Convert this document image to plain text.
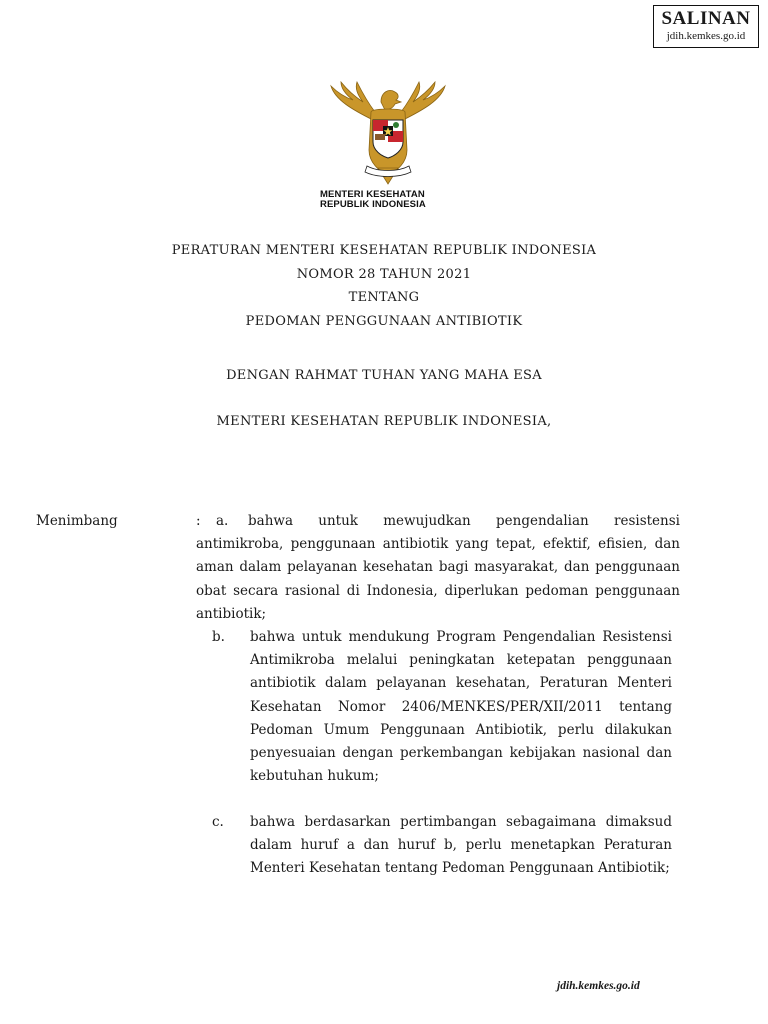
SALINAN
jdih.kemkes.go.id
MENTERI KESEHATAN
REPUBLIK INDONESIA
PERATURAN MENTERI KESEHATAN REPUBLIK INDONESIA
NOMOR 28 TAHUN 2021
TENTANG
PEDOMAN PENGGUNAAN ANTIBIOTIK
DENGAN RAHMAT TUHAN YANG MAHA ESA
MENTERI KESEHATAN REPUBLIK INDONESIA,
Menimbang	: a.	bahwa untuk mewujudkan pengendalian resistensi antimikroba, penggunaan antibiotik yang tepat, efektif, efisien, dan aman dalam pelayanan kesehatan bagi masyarakat, dan penggunaan obat secara rasional di Indonesia, diperlukan pedoman penggunaan antibiotik;
b. bahwa untuk mendukung Program Pengendalian Resistensi Antimikroba melalui peningkatan ketepatan penggunaan antibiotik dalam pelayanan kesehatan, Peraturan Menteri Kesehatan Nomor 2406/MENKES/PER/XII/2011 tentang Pedoman Umum Penggunaan Antibiotik, perlu dilakukan penyesuaian dengan perkembangan kebijakan nasional dan kebutuhan hukum;
c. bahwa berdasarkan pertimbangan sebagaimana dimaksud dalam huruf a dan huruf b, perlu menetapkan Peraturan Menteri Kesehatan tentang Pedoman Penggunaan Antibiotik;
jdih.kemkes.go.id
